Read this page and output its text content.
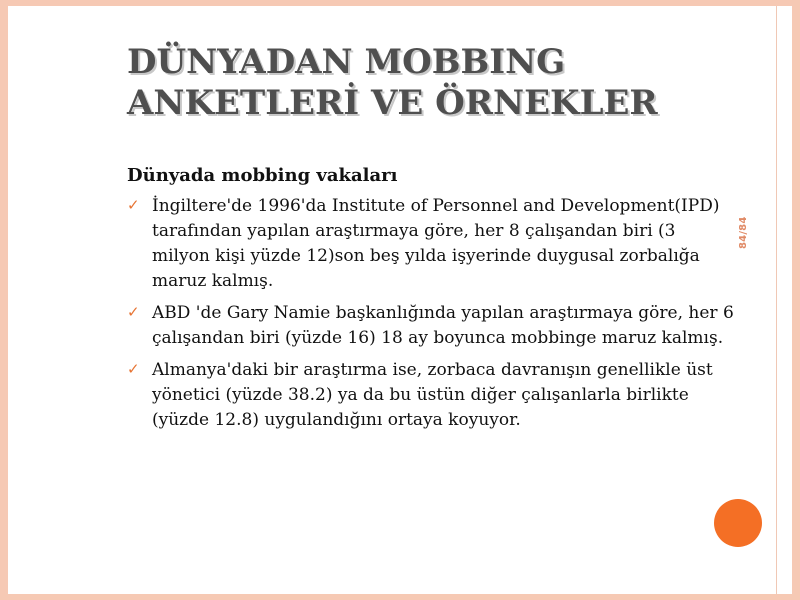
84/84
DÜNYADAN MOBBING ANKETLERİ VE ÖRNEKLER
Dünyada mobbing vakaları
✓ İngiltere'de 1996'da Institute of Personnel and Development(IPD) tarafından yapılan araştırmaya göre, her 8 çalışandan biri (3 milyon kişi yüzde 12)son beş yılda işyerinde duygusal zorbalığa maruz kalmış.
✓ ABD 'de Gary Namie başkanlığında yapılan araştırmaya göre, her 6 çalışandan biri (yüzde 16) 18 ay boyunca mobbinge maruz kalmış.
✓ Almanya'daki bir araştırma ise, zorbaca davranışın genellikle üst yönetici (yüzde 38.2) ya da bu üstün diğer çalışanlarla birlikte (yüzde 12.8) uygulandığını ortaya koyuyor.
